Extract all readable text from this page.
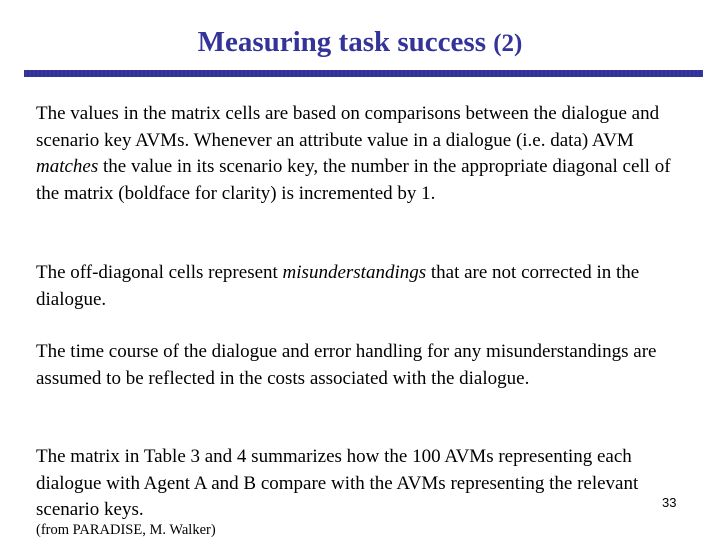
Measuring task success (2)

The values in the matrix cells are based on comparisons between the dialogue and scenario key AVMs. Whenever an attribute value in a dialogue (i.e. data) AVM matches the value in its scenario key, the number in the appropriate diagonal cell of the matrix (boldface for clarity) is incremented by 1.

The off-diagonal cells represent misunderstandings that are not corrected in the dialogue.

The time course of the dialogue and error handling for any misunderstandings are assumed to be reflected in the costs associated with the dialogue.

The matrix in Table 3 and 4 summarizes how the 100 AVMs representing each dialogue with Agent A and B compare with the AVMs representing the relevant scenario keys.	33
(from PARADISE, M. Walker)
